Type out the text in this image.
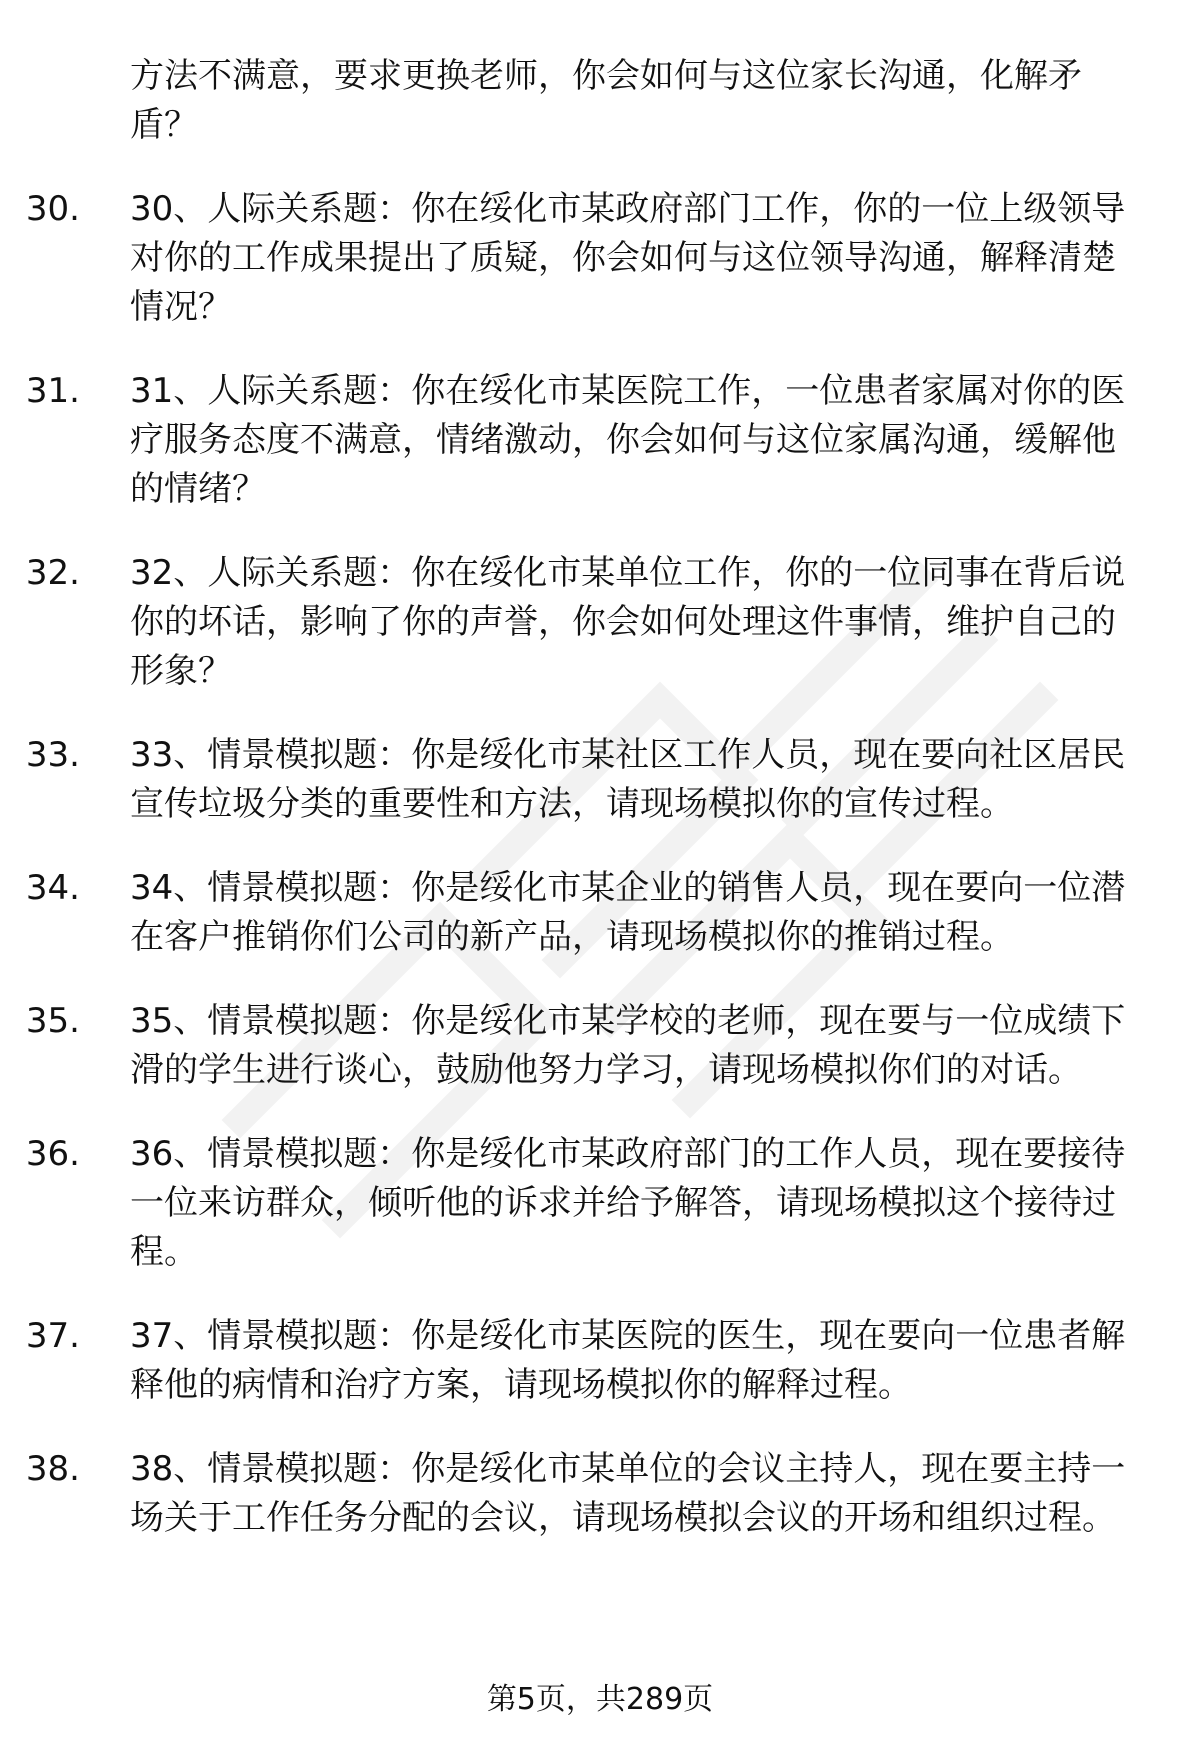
方法不满意，要求更换老师，你会如何与这位家长沟通，化解矛盾？
30.	30、人际关系题：你在绥化市某政府部门工作，你的一位上级领导对你的工作成果提出了质疑，你会如何与这位领导沟通，解释清楚情况？
31.	31、人际关系题：你在绥化市某医院工作，一位患者家属对你的医疗服务态度不满意，情绪激动，你会如何与这位家属沟通，缓解他的情绪？
32.	32、人际关系题：你在绥化市某单位工作，你的一位同事在背后说你的坏话，影响了你的声誉，你会如何处理这件事情，维护自己的形象？
33.	33、情景模拟题：你是绥化市某社区工作人员，现在要向社区居民宣传垃圾分类的重要性和方法，请现场模拟你的宣传过程。
34.	34、情景模拟题：你是绥化市某企业的销售人员，现在要向一位潜在客户推销你们公司的新产品，请现场模拟你的推销过程。
35.	35、情景模拟题：你是绥化市某学校的老师，现在要与一位成绩下滑的学生进行谈心，鼓励他努力学习，请现场模拟你们的对话。
36.	36、情景模拟题：你是绥化市某政府部门的工作人员，现在要接待一位来访群众，倾听他的诉求并给予解答，请现场模拟这个接待过程。
37.	37、情景模拟题：你是绥化市某医院的医生，现在要向一位患者解释他的病情和治疗方案，请现场模拟你的解释过程。
38.	38、情景模拟题：你是绥化市某单位的会议主持人，现在要主持一场关于工作任务分配的会议，请现场模拟会议的开场和组织过程。
第5页，共289页
